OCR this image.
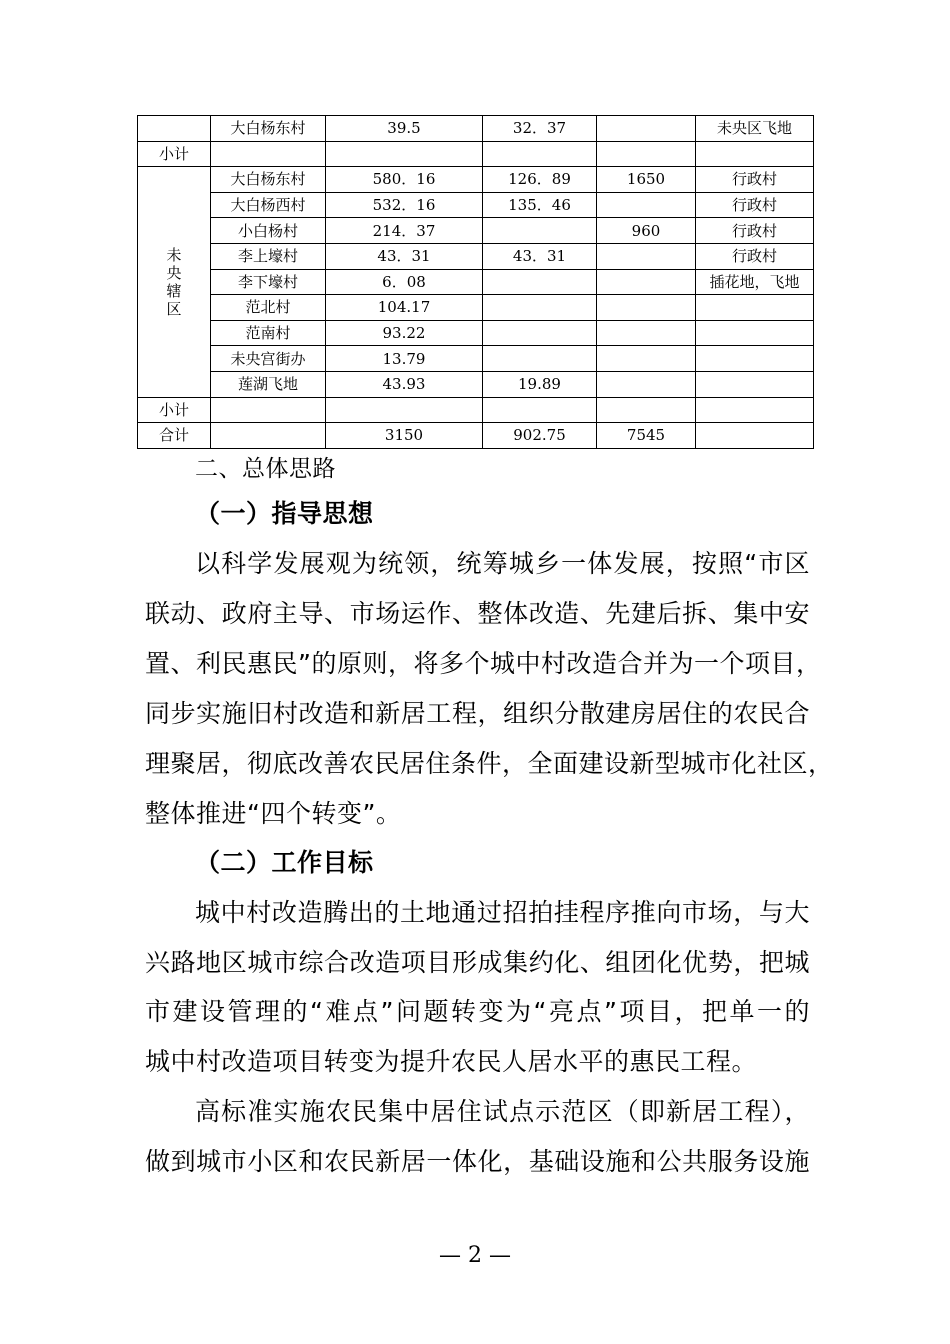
	大白杨东村	39.5	32．37		未央区飞地
小计					

未
央
辖
区	大白杨东村	580．16	126．89	1650	行政村
	大白杨西村	532．16	135．46		行政村
	小白杨村	214．37		960	行政村
	李上壕村	43．31	43．31		行政村
	李下壕村	6．08			插花地，飞地
	范北村	104.17			
	范南村	93.22			
	未央宫街办	13.79			
	莲湖飞地	43.93	19.89		
小计					
合计		3150	902.75	7545	
二、总体思路
（一）指导思想
以科学发展观为统领，统筹城乡一体发展，按照“市区
联动、政府主导、市场运作、整体改造、先建后拆、集中安
置、利民惠民”的原则，将多个城中村改造合并为一个项目，
同步实施旧村改造和新居工程，组织分散建房居住的农民合
理聚居，彻底改善农民居住条件，全面建设新型城市化社区，
整体推进“四个转变”。
（二）工作目标
城中村改造腾出的土地通过招拍挂程序推向市场，与大
兴路地区城市综合改造项目形成集约化、组团化优势，把城
市建设管理的“难点”问题转变为“亮点”项目，把单一的
城中村改造项目转变为提升农民人居水平的惠民工程。
高标准实施农民集中居住试点示范区（即新居工程），
做到城市小区和农民新居一体化，基础设施和公共服务设施
— 2 —
